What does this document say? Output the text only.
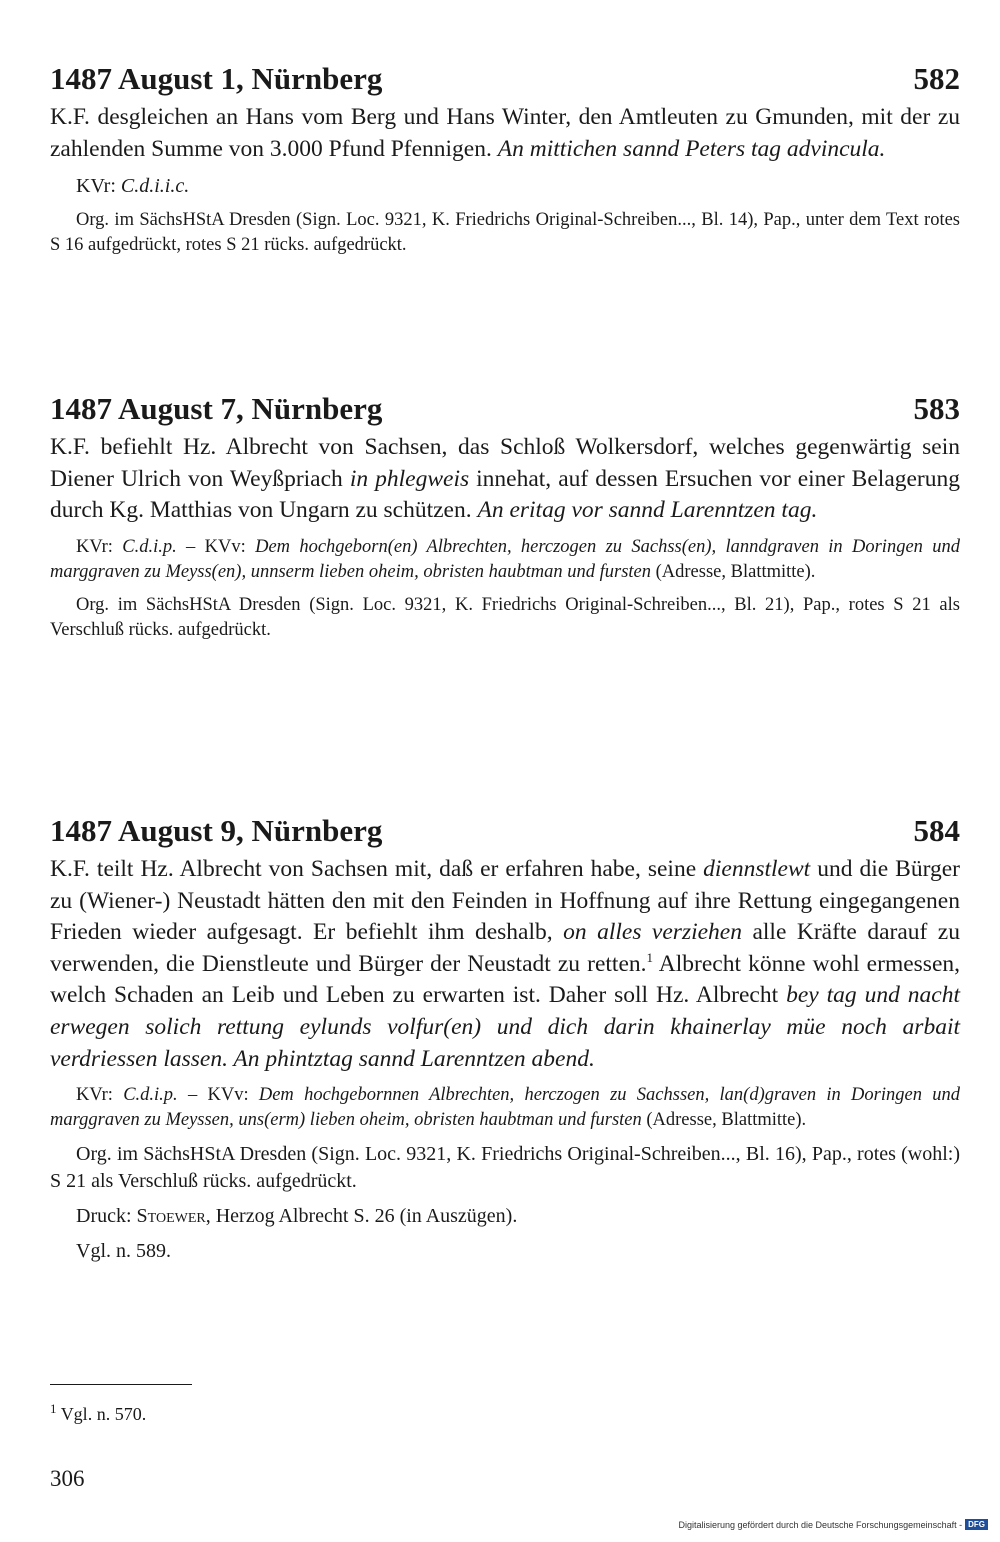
1487 August 1, Nürnberg	582
K.F. desgleichen an Hans vom Berg und Hans Winter, den Amtleuten zu Gmunden, mit der zu zahlenden Summe von 3.000 Pfund Pfennigen. An mittichen sannd Peters tag advincula.
KVr: C.d.i.i.c.
Org. im SächsHStA Dresden (Sign. Loc. 9321, K. Friedrichs Original-Schreiben..., Bl. 14), Pap., unter dem Text rotes S 16 aufgedrückt, rotes S 21 rücks. aufgedrückt.
1487 August 7, Nürnberg	583
K.F. befiehlt Hz. Albrecht von Sachsen, das Schloß Wolkersdorf, welches gegenwärtig sein Diener Ulrich von Weyßpriach in phlegweis innehat, auf dessen Ersuchen vor einer Belagerung durch Kg. Matthias von Ungarn zu schützen. An eritag vor sannd Larenntzen tag.
KVr: C.d.i.p. – KVv: Dem hochgeborn(en) Albrechten, herczogen zu Sachss(en), lanndgraven in Doringen und marggraven zu Meyss(en), unnserm lieben oheim, obristen haubtman und fursten (Adresse, Blattmitte).
Org. im SächsHStA Dresden (Sign. Loc. 9321, K. Friedrichs Original-Schreiben..., Bl. 21), Pap., rotes S 21 als Verschluß rücks. aufgedrückt.
1487 August 9, Nürnberg	584
K.F. teilt Hz. Albrecht von Sachsen mit, daß er erfahren habe, seine diennstlewt und die Bürger zu (Wiener-) Neustadt hätten den mit den Feinden in Hoffnung auf ihre Rettung eingegangenen Frieden wieder aufgesagt. Er befiehlt ihm deshalb, on alles verziehen alle Kräfte darauf zu verwenden, die Dienstleute und Bürger der Neustadt zu retten.$^1$ Albrecht könne wohl ermessen, welch Schaden an Leib und Leben zu erwarten ist. Daher soll Hz. Albrecht bey tag und nacht erwegen solich rettung eylunds volfur(en) und dich darin khainerlay müe noch arbait verdriessen lassen. An phintztag sannd Larenntzen abend.
KVr: C.d.i.p. – KVv: Dem hochgebornnen Albrechten, herczogen zu Sachssen, lan(d)graven in Doringen und marggraven zu Meyssen, uns(erm) lieben oheim, obristen haubtman und fursten (Adresse, Blattmitte).
Org. im SächsHStA Dresden (Sign. Loc. 9321, K. Friedrichs Original-Schreiben..., Bl. 16), Pap., rotes (wohl:) S 21 als Verschluß rücks. aufgedrückt.
Druck: Stoewer, Herzog Albrecht S. 26 (in Auszügen).
Vgl. n. 589.
$^1$ Vgl. n. 570.
306
Digitalisierung gefördert durch die Deutsche Forschungsgemeinschaft - DFG
